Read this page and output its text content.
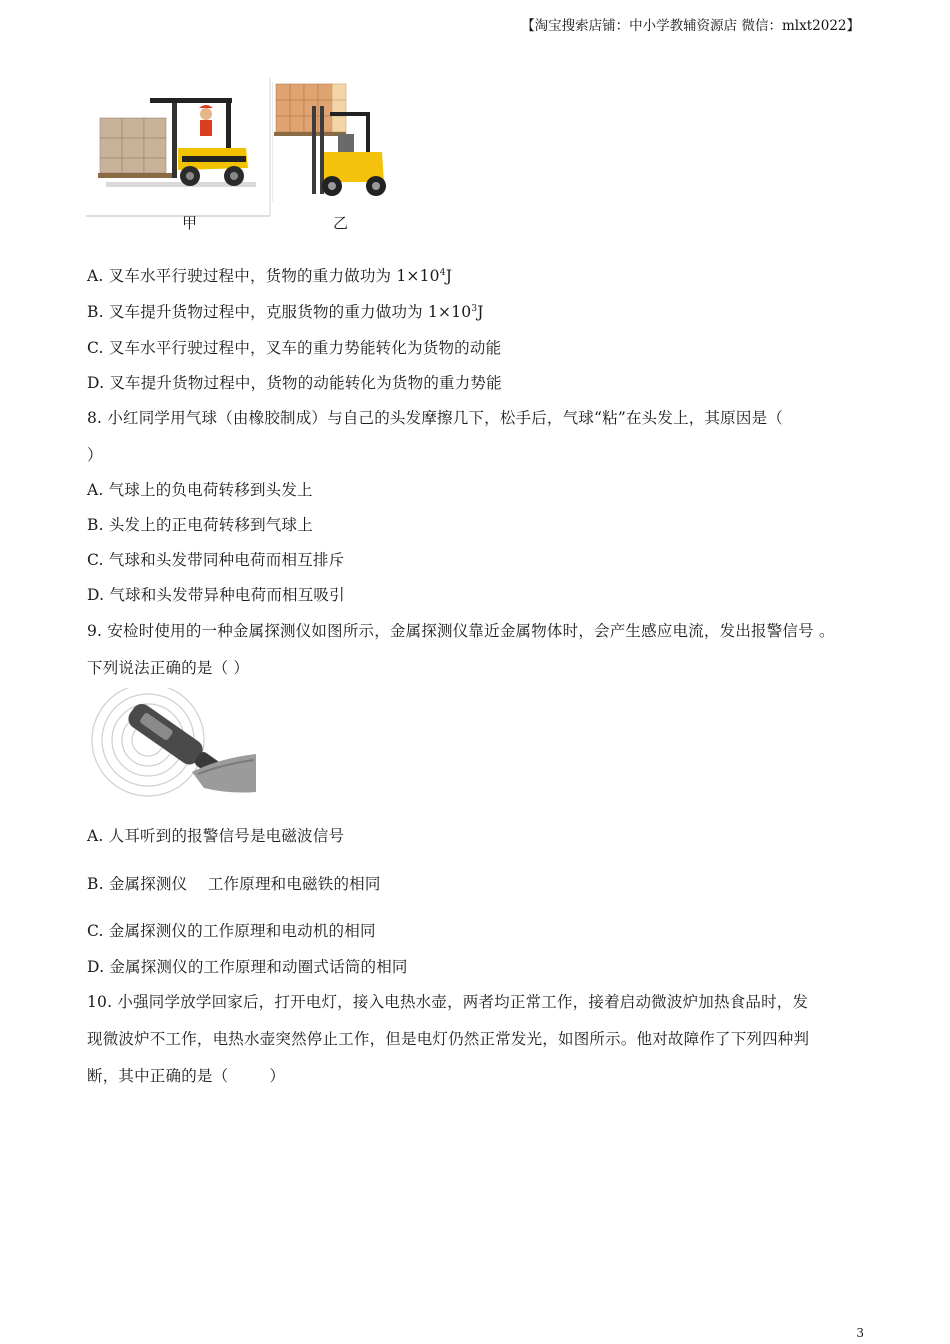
【淘宝搜索店铺：中小学教辅资源店 微信：mlxt2022】
甲	乙
A. 叉车水平行驶过程中，货物的重力做功为 $1\times 10^4J$
B. 叉车提升货物过程中，克服货物的重力做功为 $1\times 10^3J$
C. 叉车水平行驶过程中，叉车的重力势能转化为货物的动能
D. 叉车提升货物过程中，货物的动能转化为货物的重力势能
8. 小红同学用气球（由橡胶制成）与自己的头发摩擦几下，松手后，气球“粘”在头发上，其原因是（
）
A. 气球上的负电荷转移到头发上
B. 头发上的正电荷转移到气球上
C. 气球和头发带同种电荷而相互排斥
D. 气球和头发带异种电荷而相互吸引
9. 安检时使用的一种金属探测仪如图所示，金属探测仪靠近金属物体时，会产生感应电流，发出报警信号 。
下列说法正确的是（ ）
A. 人耳听到的报警信号是电磁波信号
B. 金属探测仪    工作原理和电磁铁的相同
C. 金属探测仪的工作原理和电动机的相同
D. 金属探测仪的工作原理和动圈式话筒的相同
10. 小强同学放学回家后，打开电灯，接入电热水壶，两者均正常工作，接着启动微波炉加热食品时，发
现微波炉不工作，电热水壶突然停止工作，但是电灯仍然正常发光，如图所示。他对故障作了下列四种判
断，其中正确的是（        ）
3
